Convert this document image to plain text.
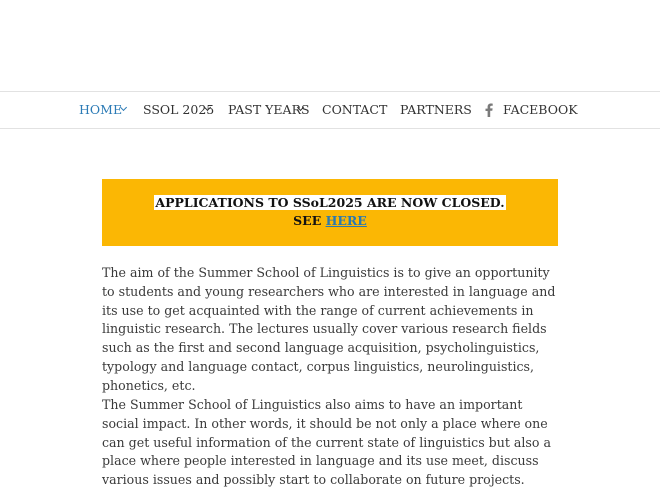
HOME SSOL 2025 PAST YEARS CONTACT PARTNERS	FACEBOOK
APPLICATIONS TO SSoL2025 ARE NOW CLOSED.
SEE HERE

The aim of the Summer School of Linguistics is to give an opportunity to students and young researchers who are interested in language and its use to get acquainted with the range of current achievements in linguistic research. The lectures usually cover various research fields such as the first and second language acquisition, psycholinguistics, typology and language contact, corpus linguistics, neurolinguistics, phonetics, etc.

The Summer School of Linguistics also aims to have an important social impact. In other words, it should be not only a place where one can get useful information of the current state of linguistics but also a place where people interested in language and its use meet, discuss various issues and possibly start to collaborate on future projects.
